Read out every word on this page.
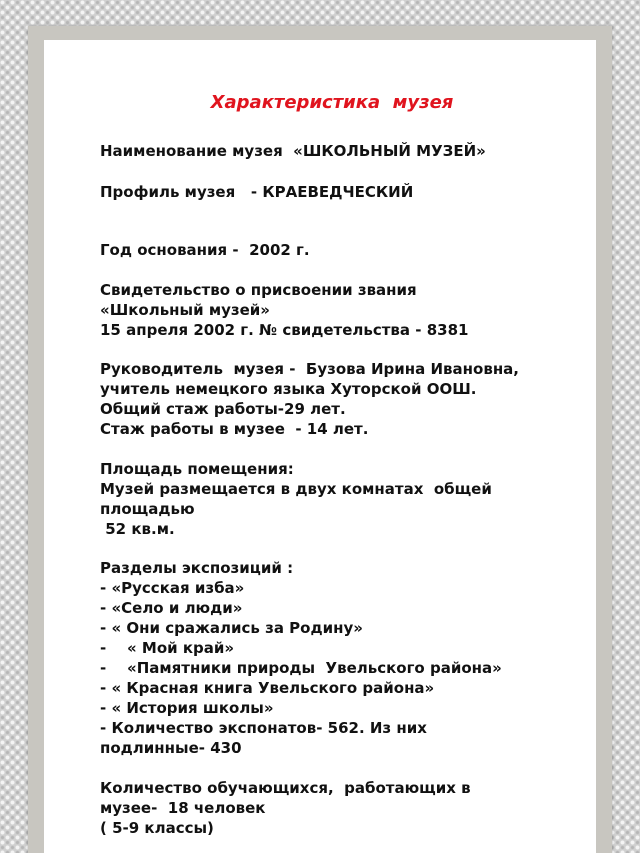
Характеристика  музея
Наименование музея  «ШКОЛЬНЫЙ МУЗЕЙ»
Профиль музея   - КРАЕВЕДЧЕСКИЙ
Год основания -  2002 г.
Свидетельство о присвоении звания
«Школьный музей»
15 апреля 2002 г. № свидетельства - 8381
Руководитель  музея -  Бузова Ирина Ивановна,
учитель немецкого языка Хуторской ООШ.
Общий стаж работы-29 лет.
Стаж работы в музее  - 14 лет.
Площадь помещения:
Музей размещается в двух комнатах  общей
площадью
52 кв.м.
Разделы экспозиций :
- «Русская изба»
- «Село и люди»
- « Они сражались за Родину»
- « Мой край»
- «Памятники природы  Увельского района»
- « Красная книга Увельского района»
- « История школы»
- Количество экспонатов- 562. Из них
подлинные- 430
Количество обучающихся,  работающих в
музее-  18 человек
( 5-9 классы)
